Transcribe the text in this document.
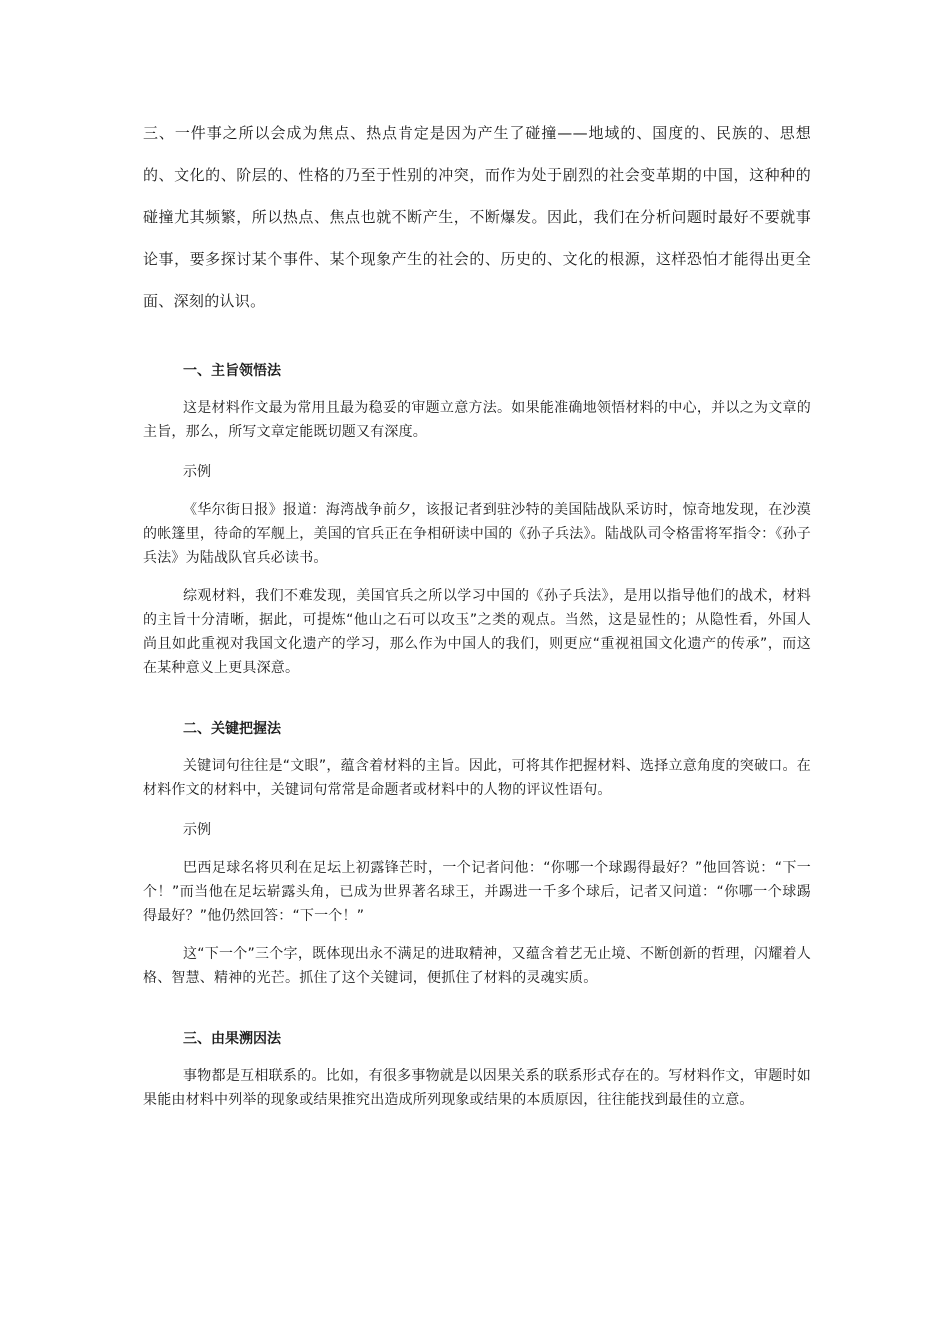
三、一件事之所以会成为焦点、热点肯定是因为产生了碰撞——地域的、国度的、民族的、思想的、文化的、阶层的、性格的乃至于性别的冲突，而作为处于剧烈的社会变革期的中国，这种种的碰撞尤其频繁，所以热点、焦点也就不断产生，不断爆发。因此，我们在分析问题时最好不要就事论事，要多探讨某个事件、某个现象产生的社会的、历史的、文化的根源，这样恐怕才能得出更全面、深刻的认识。

一、主旨领悟法

这是材料作文最为常用且最为稳妥的审题立意方法。如果能准确地领悟材料的中心，并以之为文章的主旨，那么，所写文章定能既切题又有深度。

示例

《华尔街日报》报道：海湾战争前夕，该报记者到驻沙特的美国陆战队采访时，惊奇地发现，在沙漠的帐篷里，待命的军舰上，美国的官兵正在争相研读中国的《孙子兵法》。陆战队司令格雷将军指令：《孙子兵法》为陆战队官兵必读书。

综观材料，我们不难发现，美国官兵之所以学习中国的《孙子兵法》，是用以指导他们的战术，材料的主旨十分清晰，据此，可提炼“他山之石可以攻玉”之类的观点。当然，这是显性的；从隐性看，外国人尚且如此重视对我国文化遗产的学习，那么作为中国人的我们，则更应“重视祖国文化遗产的传承”，而这在某种意义上更具深意。

二、关键把握法

关键词句往往是“文眼”，蕴含着材料的主旨。因此，可将其作把握材料、选择立意角度的突破口。在材料作文的材料中，关键词句常常是命题者或材料中的人物的评议性语句。

示例

巴西足球名将贝利在足坛上初露锋芒时，一个记者问他：“你哪一个球踢得最好？”他回答说：“下一个！”而当他在足坛崭露头角，已成为世界著名球王，并踢进一千多个球后，记者又问道：“你哪一个球踢得最好？”他仍然回答：“下一个！”

这“下一个”三个字，既体现出永不满足的进取精神，又蕴含着艺无止境、不断创新的哲理，闪耀着人格、智慧、精神的光芒。抓住了这个关键词，便抓住了材料的灵魂实质。

三、由果溯因法

事物都是互相联系的。比如，有很多事物就是以因果关系的联系形式存在的。写材料作文，审题时如果能由材料中列举的现象或结果推究出造成所列现象或结果的本质原因，往往能找到最佳的立意。
